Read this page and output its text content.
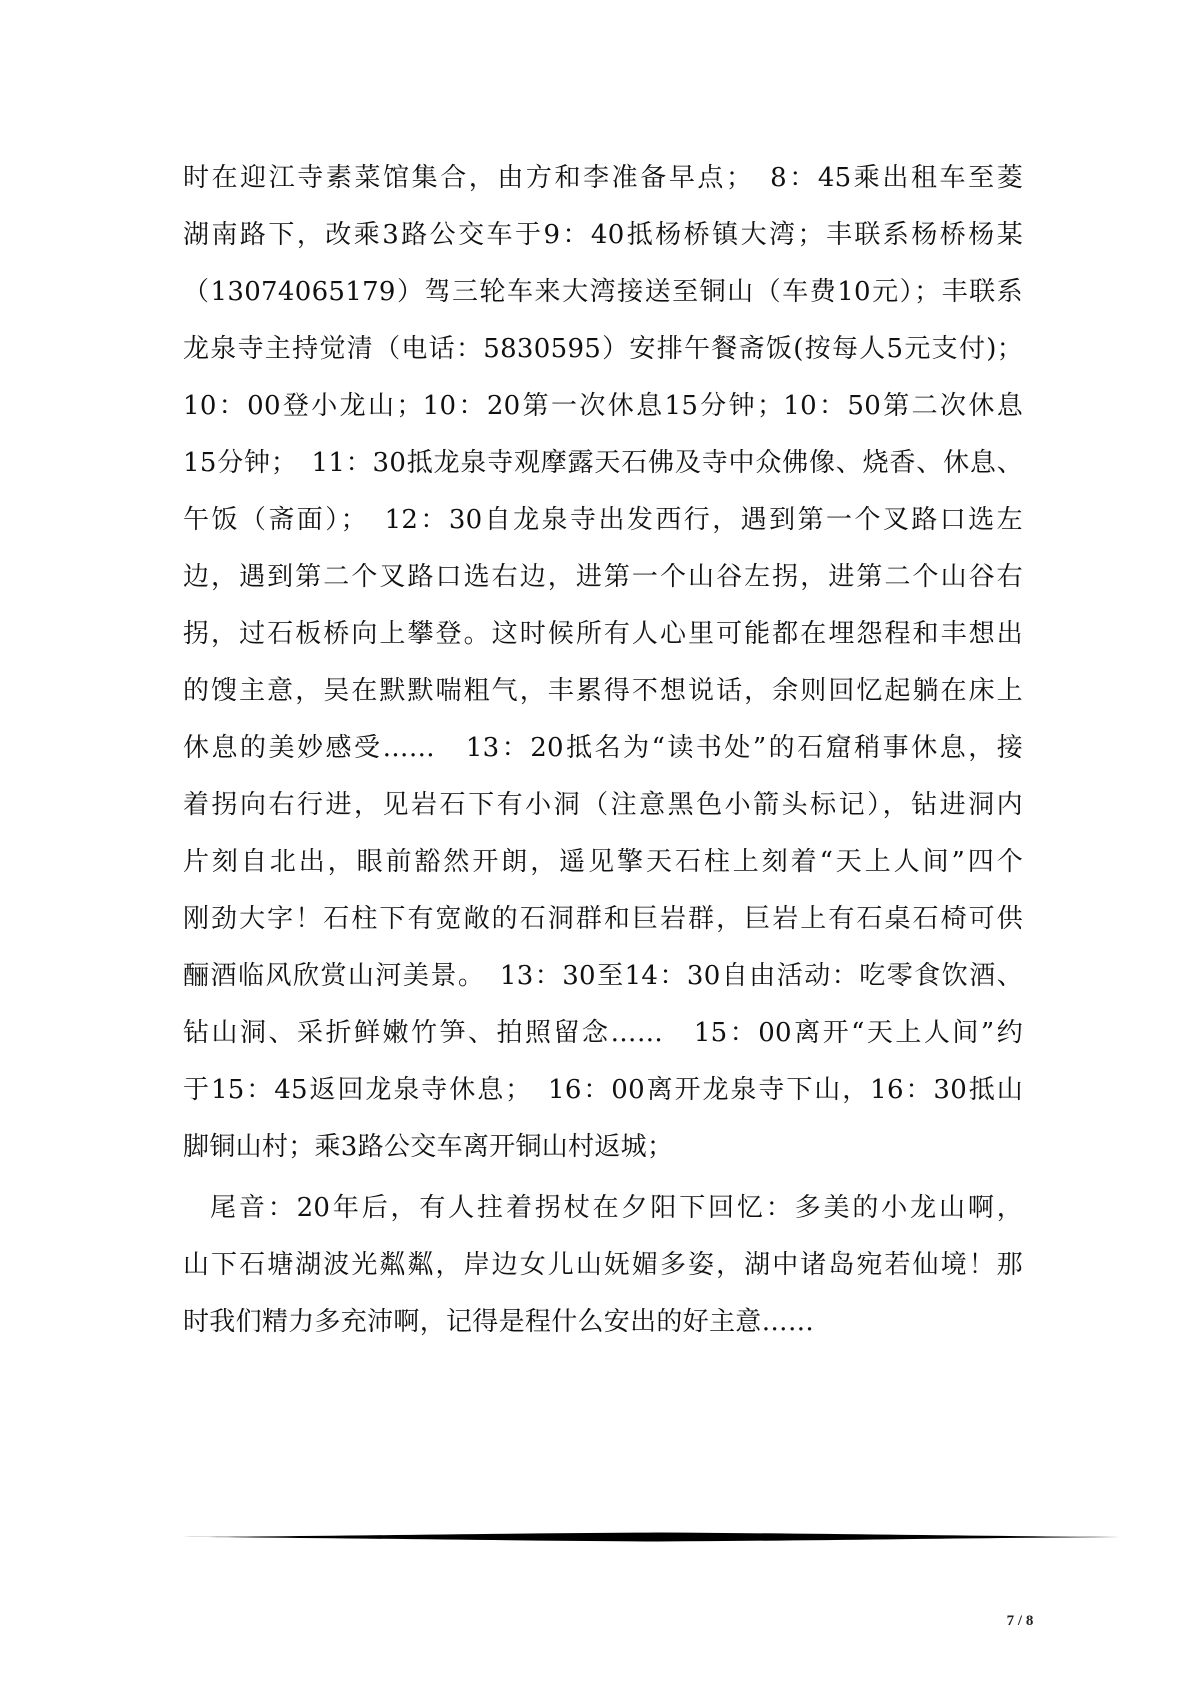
时在迎江寺素菜馆集合，由方和李准备早点；　8：45乘出租车至菱
湖南路下，改乘3路公交车于9：40抵杨桥镇大湾；丰联系杨桥杨某
（13074065179）驾三轮车来大湾接送至铜山（车费10元）；丰联系
龙泉寺主持觉清（电话：5830595）安排午餐斋饭(按每人5元支付)；
10：00登小龙山；10：20第一次休息15分钟；10：50第二次休息
15分钟；　11：30抵龙泉寺观摩露天石佛及寺中众佛像、烧香、休息、
午饭（斋面）；　12：30自龙泉寺出发西行，遇到第一个叉路口选左
边，遇到第二个叉路口选右边，进第一个山谷左拐，进第二个山谷右
拐，过石板桥向上攀登。这时候所有人心里可能都在埋怨程和丰想出
的馊主意，吴在默默喘粗气，丰累得不想说话，余则回忆起躺在床上
休息的美妙感受……　13：20抵名为“读书处”的石窟稍事休息，接
着拐向右行进，见岩石下有小洞（注意黑色小箭头标记），钻进洞内
片刻自北出，眼前豁然开朗，遥见擎天石柱上刻着“天上人间”四个
刚劲大字！石柱下有宽敞的石洞群和巨岩群，巨岩上有石桌石椅可供
酾酒临风欣赏山河美景。　13：30至14：30自由活动：吃零食饮酒、
钻山洞、采折鲜嫩竹笋、拍照留念……　15：00离开“天上人间”约
于15：45返回龙泉寺休息；　16：00离开龙泉寺下山，16：30抵山
脚铜山村；乘3路公交车离开铜山村返城；
尾音：20年后，有人拄着拐杖在夕阳下回忆：多美的小龙山啊，
山下石塘湖波光粼粼，岸边女儿山妩媚多姿，湖中诸岛宛若仙境！那
时我们精力多充沛啊，记得是程什么安出的好主意……
7 / 8
